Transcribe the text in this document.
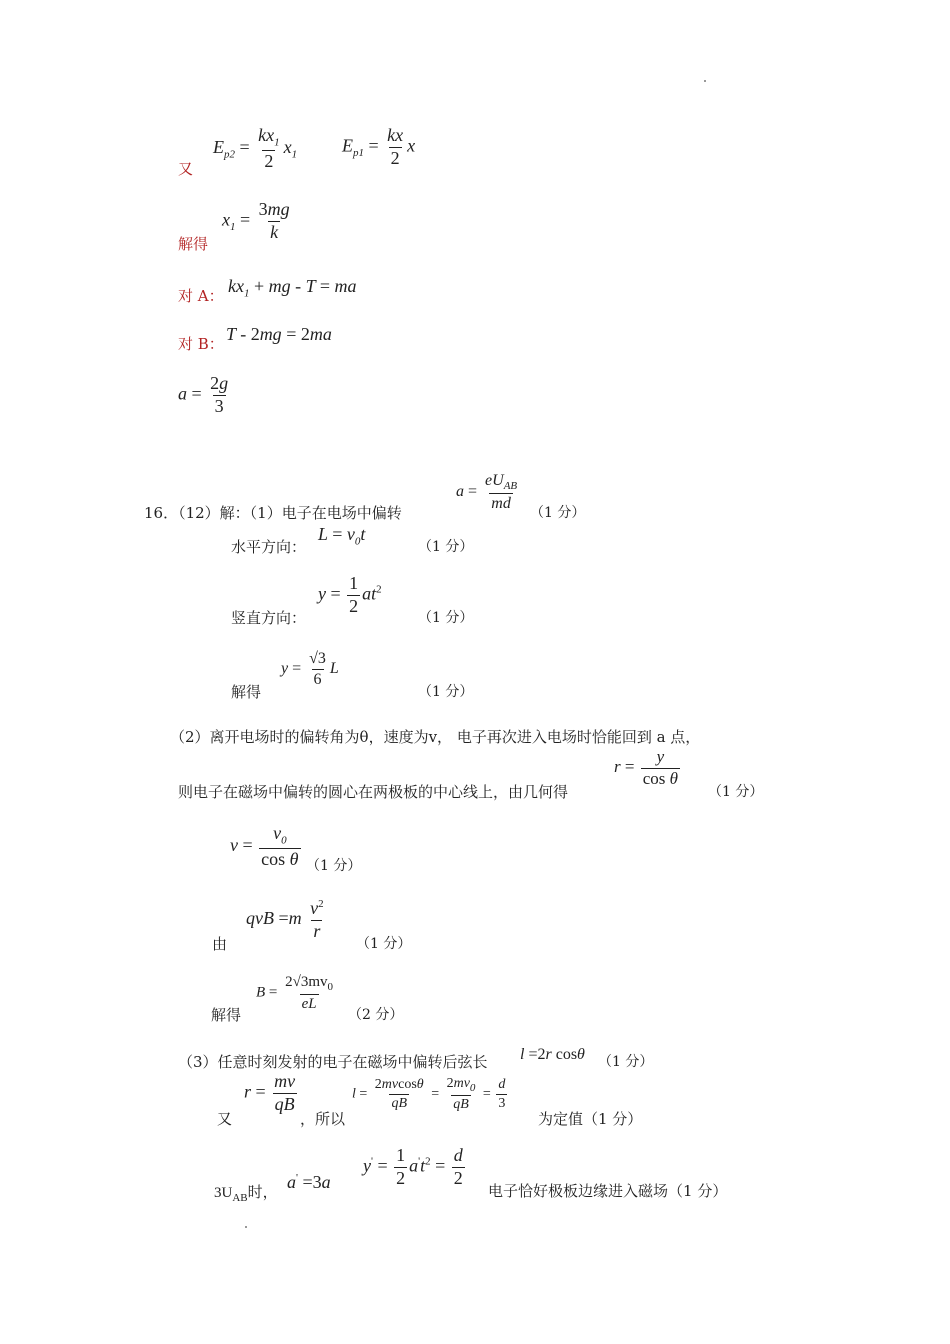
又
$E_{p2} = \frac{kx_1}{2} x_1$ $E_{p1} = \frac{kx}{2}$ x
解得
$x_1 = \frac{3mg}{k}$
对 A： $kx_1$ + mg - T = ma
对 B： T - 2mg = 2ma
$a = \frac{2g}{3}$
16．（12）解：（1）电子在电场中偏转
$a = \frac{eU_{AB}}{md}$
（1 分）
水平方向：
$L = v_0t$
（1 分）
竖直方向：
$y = \frac{1}{2} at^2$
（1 分）
解得
$y = \frac{√3}{6}$ L
（1 分）
（2）离开电场时的偏转角为θ，速度为v， 电子再次进入电场时恰能回到 a 点，
则电子在磁场中偏转的圆心在两极板的中心线上，由几何得
$r = \frac{y}{\text{cos θ}}$
（1 分）
$v = \frac{v_0}{\text{cos θ}} (1$ 分）
由
qvB $=m \frac{v^2}{r}$
（1 分）
解得
$B = \frac{2√3mv_0}{eL}$
（2 分）
（3）任意时刻发射的电子在磁场中偏转后弦长 l =2r cosθ （1 分）
又
$r = \frac{mv}{qB}$
，所以
$l = \frac{2mvcos\theta}{qB} = \frac{2mv_0}{qB} = \frac{d}{3}$
为定值（1 分）
$3U_{AB}$时， a' =3a
$y' = \frac{1}{2} a't^2 = \frac{d}{2}$
电子恰好极板边缘进入磁场（1 分）
